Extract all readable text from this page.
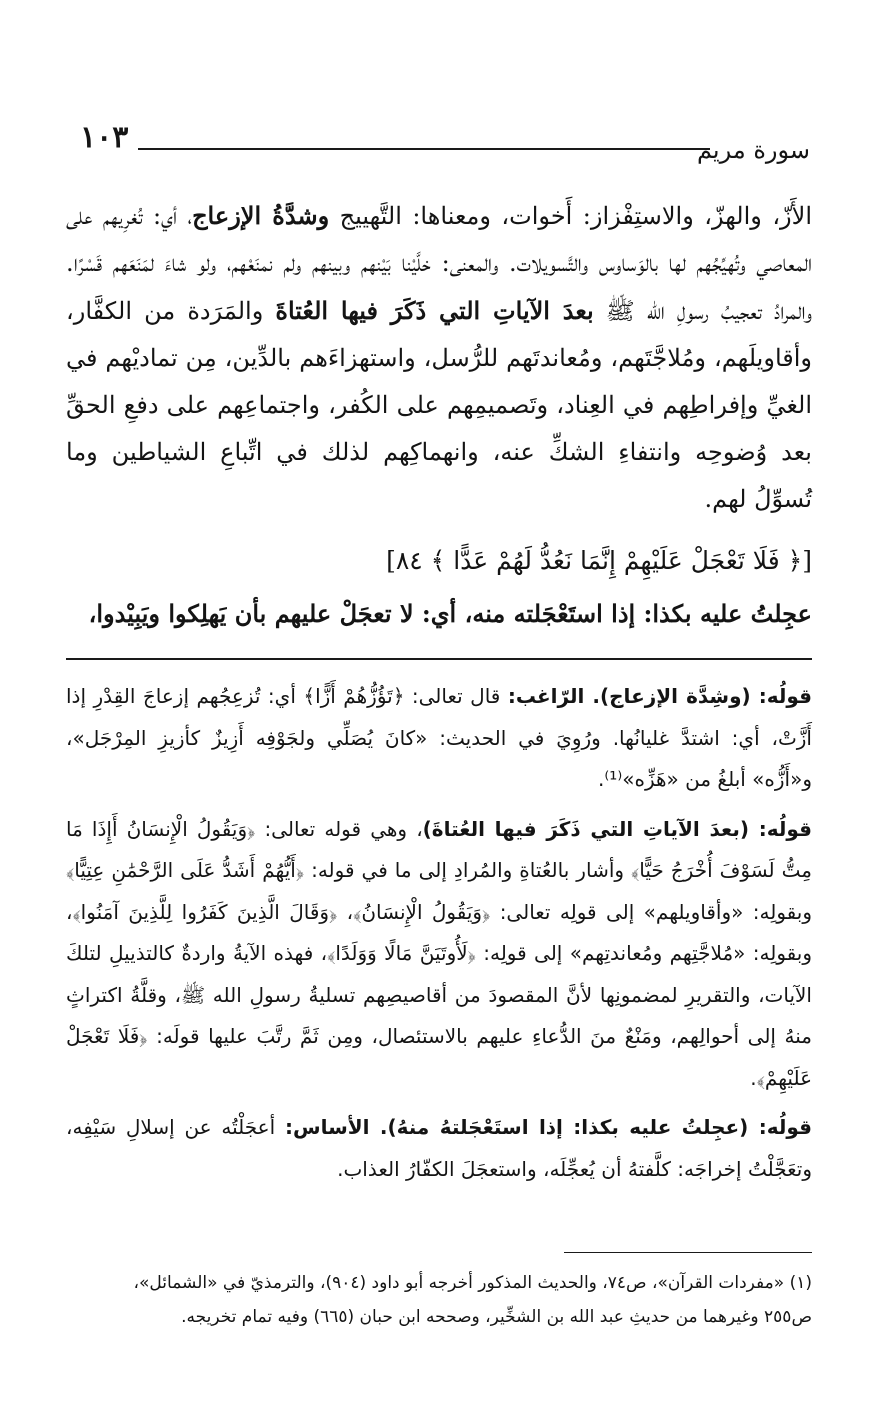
١٠٣	سورة مريم

الأَزّ، والهزّ، والاستِفْزاز: أَخوات، ومعناها: التَّهييج وشدَّةُ الإزعاج، أي: تُغرِيهم على المعاصي وتُهيِّجُهم لها بالوَساوس والتَّسويلات. والمعنى: خلَّيْنا بَيْنهم وبينهم ولم نمنَعْهم، ولو شاءَ لمَنَعَهم قَسْرًا. والمرادُ تعجيبُ رسولِ الله ﷺ بعدَ الآياتِ التي ذَكَرَ فيها العُتاةَ والمَرَدة من الكفَّار، وأقاويلَهم، ومُلاجَّتَهم، ومُعاندتَهم للرُّسل، واستهزاءَهم بالدِّين، مِن تماديْهم في الغيِّ وإفراطِهم في العِناد، وتَصميمِهم على الكُفر، واجتماعِهم على دفعِ الحقِّ بعد وُضوحِه وانتفاءِ الشكِّ عنه، وانهماكِهم لذلك في اتِّباعِ الشياطين وما تُسوِّلُ لهم.

[﴿ فَلَا تَعْجَلْ عَلَيْهِمْ إِنَّمَا نَعُدُّ لَهُمْ عَدًّا ﴾ ٨٤]

عجِلتُ عليه بكذا: إذا استَعْجَلته منه، أي: لا تعجَلْ عليهم بأن يَهلِكوا ويَبِيْدوا،

قولُه: (وشِدَّة الإزعاج). الرّاغب: قال تعالى: ﴿تَؤُزُّهُمْ أَزًّا﴾ أي: تُزعِجُهم إزعاجَ القِدْرِ إذا أَزَّتْ، أي: اشتدَّ غليانُها. ورُوِيَ في الحديث: «كانَ يُصَلِّي ولجَوْفِه أَزِيزٌ كأزيزِ المِرْجَل»، و«أَزُّه» أبلغُ من «هَزِّه»⁽¹⁾.

قولُه: (بعدَ الآياتِ التي ذَكَرَ فيها العُتاةَ)، وهي قوله تعالى: ﴿وَيَقُولُ الْإِنسَانُ أَإِذَا مَا مِتُّ لَسَوْفَ أُخْرَجُ حَيًّا﴾ وأشار بالعُتاةِ والمُرادِ إلى ما في قوله: ﴿أَيُّهُمْ أَشَدُّ عَلَى الرَّحْمَٰنِ عِتِيًّا﴾ وبقولِه: «وأقاويلهم» إلى قولِه تعالى: ﴿وَيَقُولُ الْإِنسَانُ﴾، ﴿وَقَالَ الَّذِينَ كَفَرُوا لِلَّذِينَ آمَنُوا﴾، وبقولِه: «مُلاجَّتِهم ومُعاندتِهم» إلى قولِه: ﴿لَأُوتَيَنَّ مَالًا وَوَلَدًا﴾، فهذه الآيةُ واردةٌ كالتذييلِ لتلكَ الآيات، والتقريرِ لمضمونِها لأنَّ المقصودَ من أقاصيصِهم تسليةُ رسولِ الله ﷺ، وقلَّةُ اكتراثٍ منهُ إلى أحوالِهم، ومَنْعٌ منَ الدُّعاءِ عليهم بالاستئصال، ومِن ثَمَّ رتَّبَ عليها قولَه: ﴿فَلَا تَعْجَلْ عَلَيْهِمْ﴾.

قولُه: (عجِلتُ عليه بكذا: إذا استَعْجَلتهُ منهُ). الأساس: أعجَلْتُه عن إسلالِ سَيْفِه، وتعَجَّلْتُ إخراجَه: كلَّفتهُ أن يُعجِّلَه، واستعجَلَ الكفّارُ العذاب.

(١) «مفردات القرآن»، ص٧٤، والحديث المذكور أخرجه أبو داود (٩٠٤)، والترمذيّ في «الشمائل»،

ص٢٥٥ وغيرهما من حديثِ عبد الله بن الشخِّير، وصححه ابن حبان (٦٦٥) وفيه تمام تخريجه.
